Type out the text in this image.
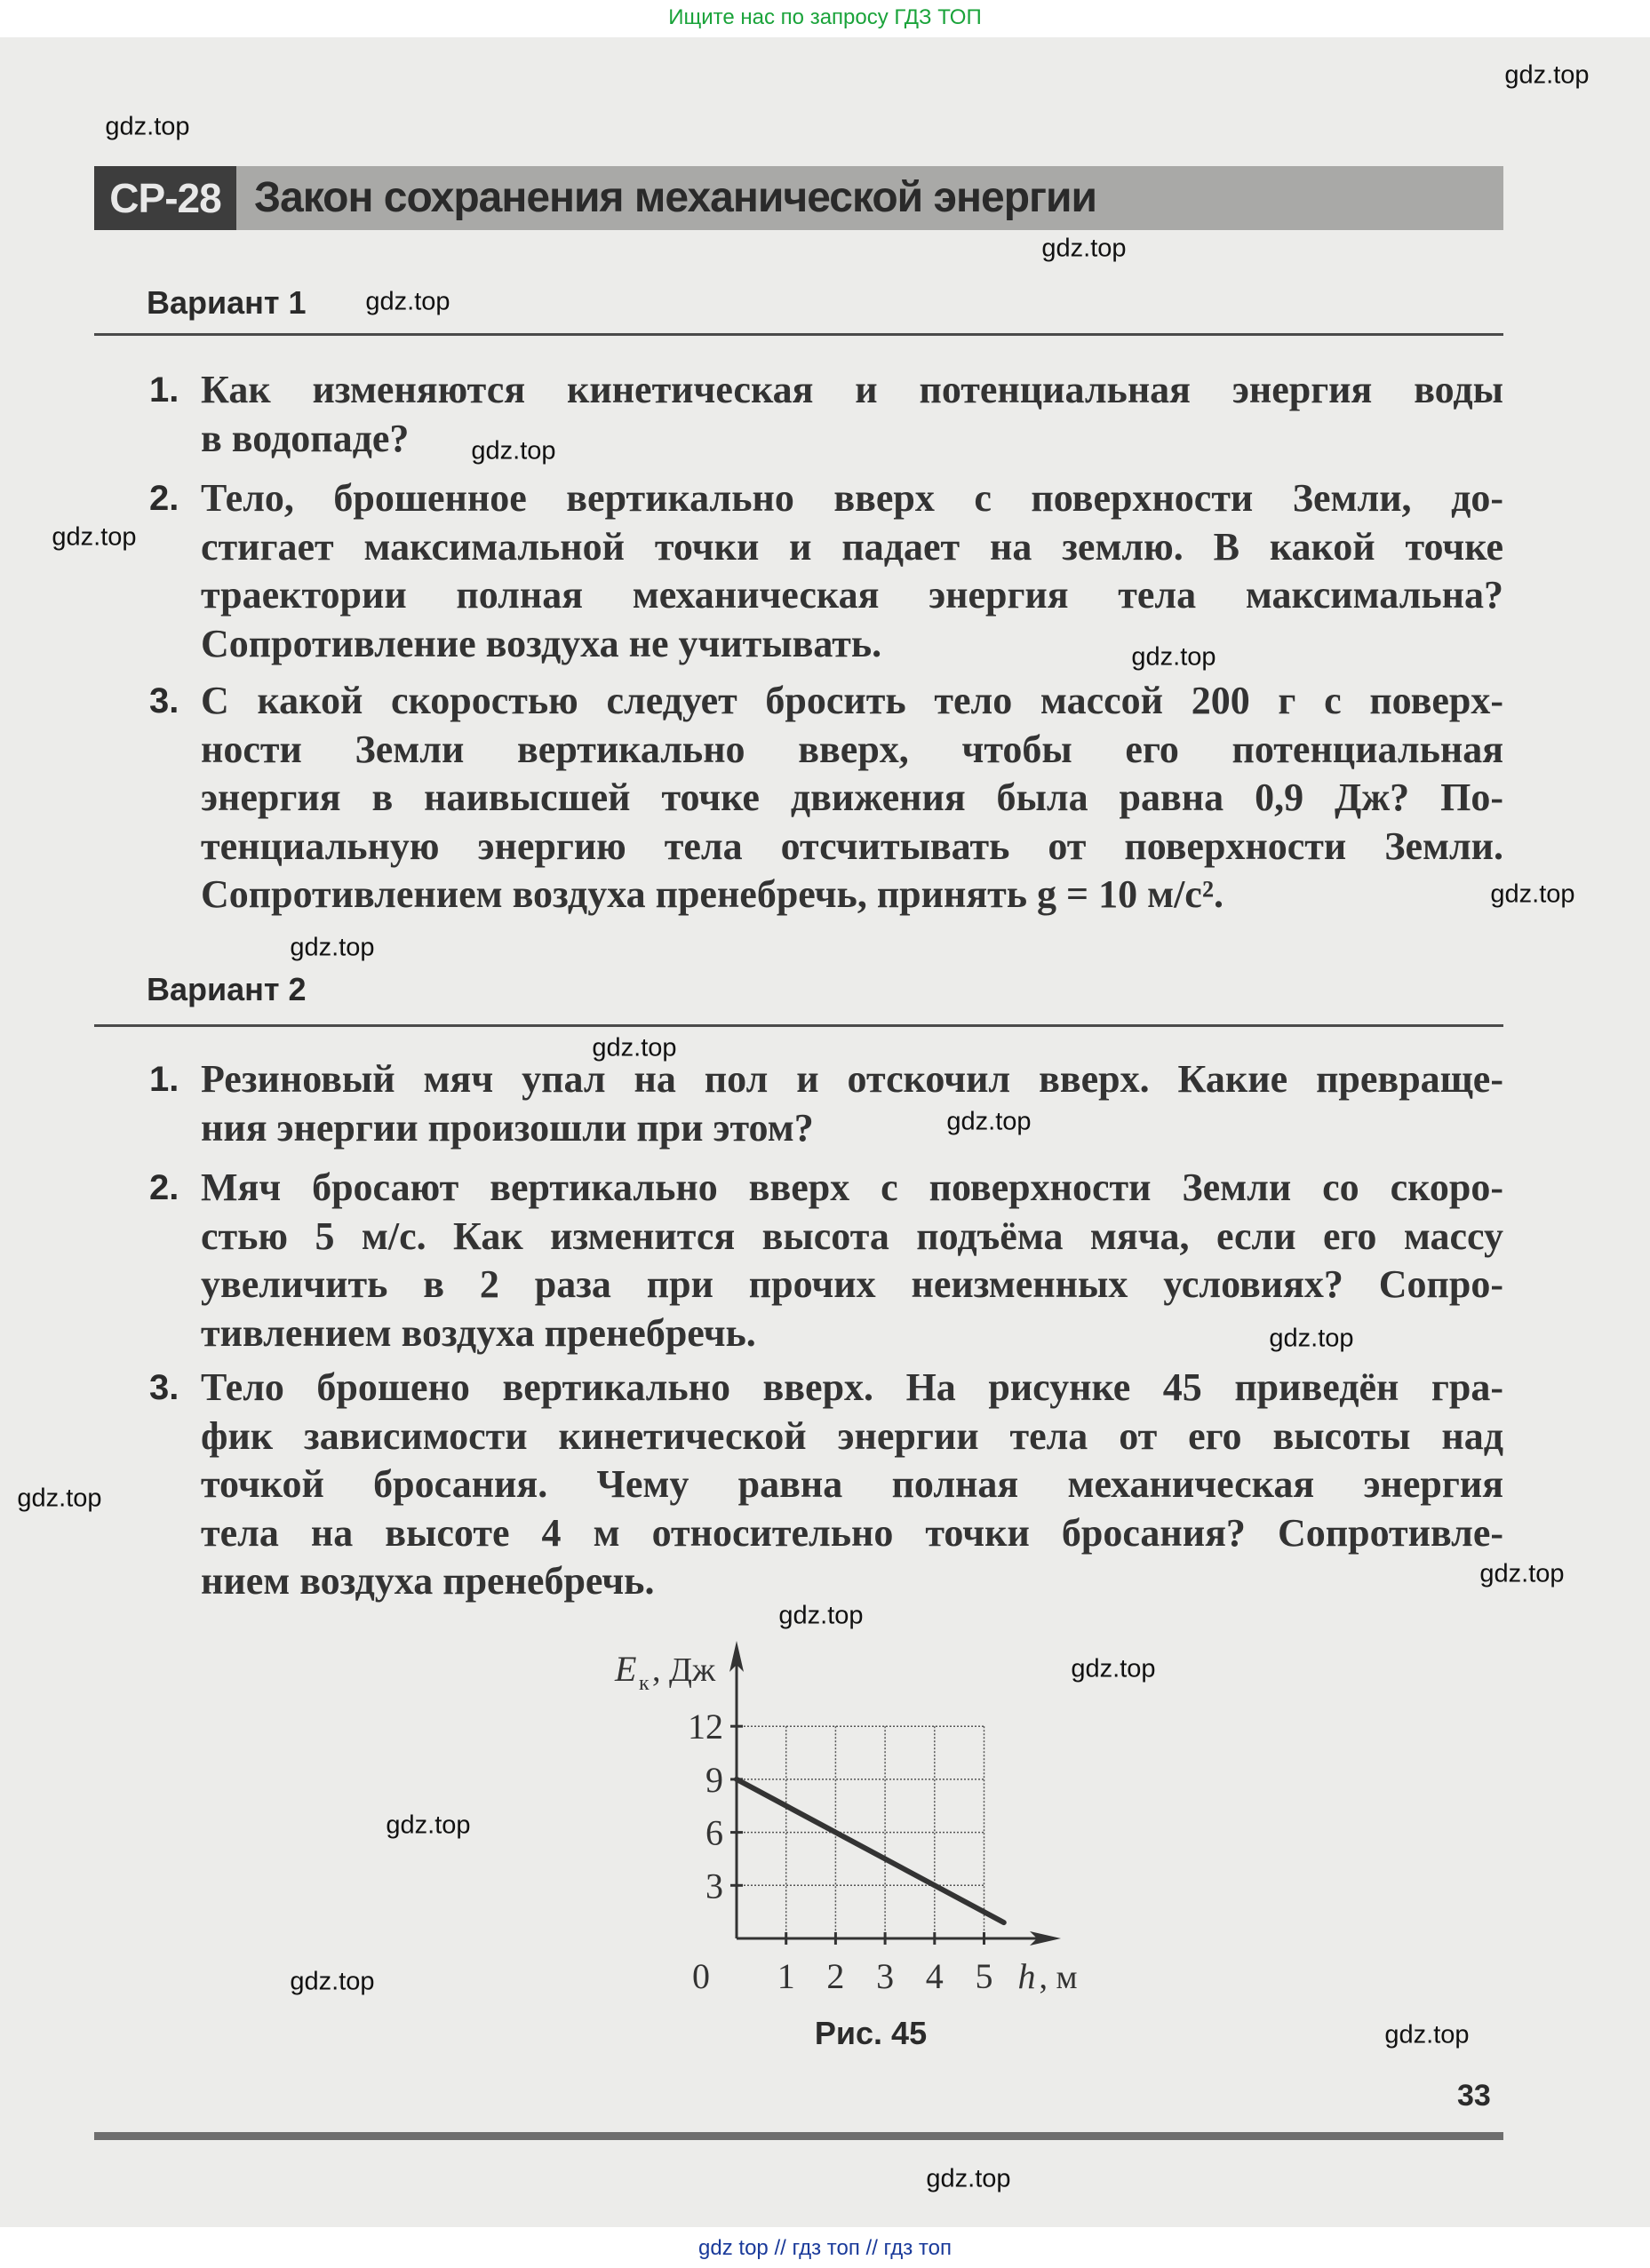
Ищите нас по запросу ГДЗ ТОП
СР-28 Закон сохранения механической энергии
Вариант 1
1. Как изменяются кинетическая и потенциальная энергия воды
в водопаде?
2. Тело, брошенное вертикально вверх с поверхности Земли, до-
стигает максимальной точки и падает на землю. В какой точке
траектории полная механическая энергия тела максимальна?
Сопротивление воздуха не учитывать.
3. С какой скоростью следует бросить тело массой 200 г с поверх-
ности Земли вертикально вверх, чтобы его потенциальная
энергия в наивысшей точке движения была равна 0,9 Дж? По-
тенциальную энергию тела отсчитывать от поверхности Земли.
Сопротивлением воздуха пренебречь, принять g = 10 м/с².
Вариант 2
1. Резиновый мяч упал на пол и отскочил вверх. Какие превраще-
ния энергии произошли при этом?
2. Мяч бросают вертикально вверх с поверхности Земли со скоро-
стью 5 м/с. Как изменится высота подъёма мяча, если его массу
увеличить в 2 раза при прочих неизменных условиях? Сопро-
тивлением воздуха пренебречь.
3. Тело брошено вертикально вверх. На рисунке 45 приведён гра-
фик зависимости кинетической энергии тела от его высоты над
точкой бросания. Чему равна полная механическая энергия
тела на высоте 4 м относительно точки бросания? Сопротивле-
нием воздуха пренебречь.
1 2 3 4 5
3
6
9
12
0	h , м
E к , Дж
Рис. 45
33
gdz.top
gdz.top
gdz.top
gdz.top
gdz.top
gdz.top
gdz.top
gdz.top
gdz.top
gdz.top
gdz.top
gdz.top
gdz.top
gdz.top
gdz.top
gdz.top
gdz.top
gdz.top
gdz.top
gdz.top
gdz top // гдз топ // гдз топ
